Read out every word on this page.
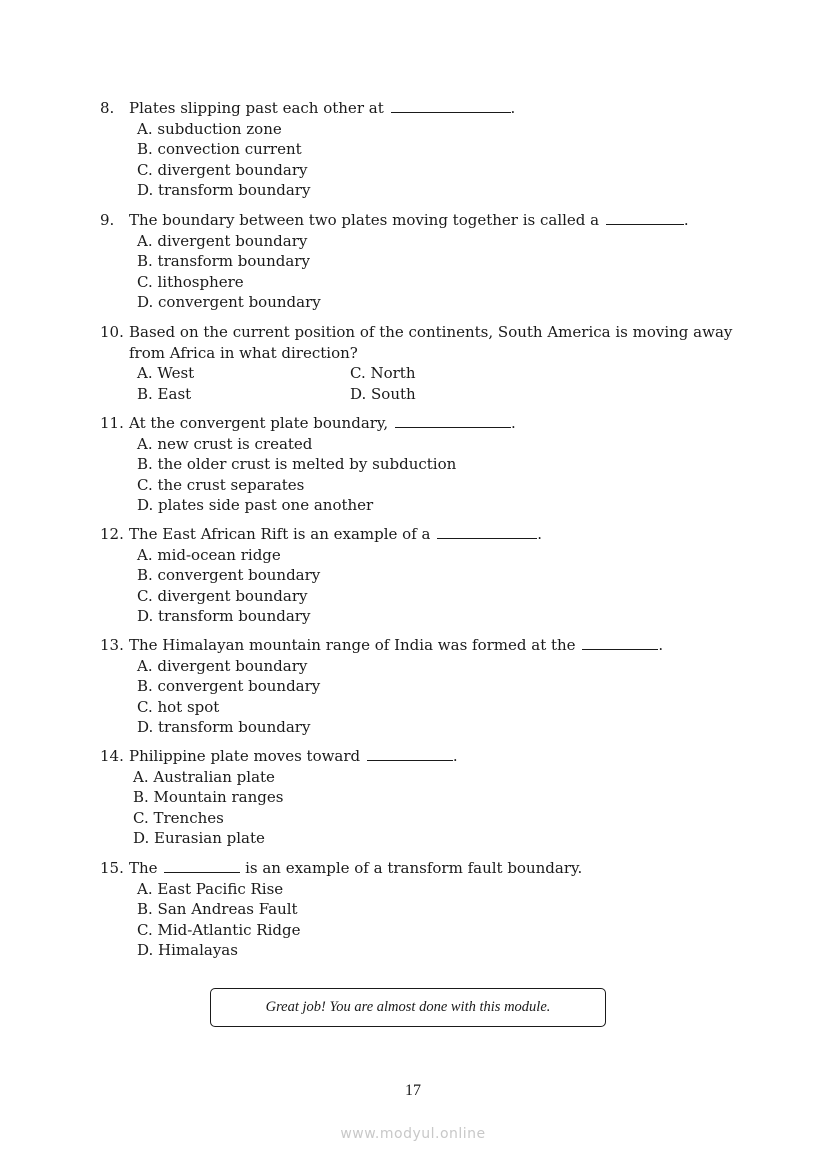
8. Plates slipping past each other at	.
A. subduction zone
B. convection current
C. divergent boundary
D. transform boundary
9. The boundary between two plates moving together is called a	.
A. divergent boundary
B. transform boundary
C. lithosphere
D. convergent boundary
10. Based on the current position of the continents, South America is moving away
from Africa in what direction?
A. West	C. North
B. East	D. South
11. At the convergent plate boundary,	.
A. new crust is created
B. the older crust is melted by subduction
C. the crust separates
D. plates side past one another
12. The East African Rift is an example of a	.
A. mid-ocean ridge
B. convergent boundary
C. divergent boundary
D. transform boundary
13. The Himalayan mountain range of India was formed at the	.
A. divergent boundary
B. convergent boundary
C. hot spot
D. transform boundary
14. Philippine plate moves toward	.
A. Australian plate
B. Mountain ranges
C. Trenches
D. Eurasian plate
15. The	is an example of a transform fault boundary.
A. East Pacific Rise
B. San Andreas Fault
C. Mid-Atlantic Ridge
D. Himalayas
Great job! You are almost done with this module.
17
www.modyul.online
